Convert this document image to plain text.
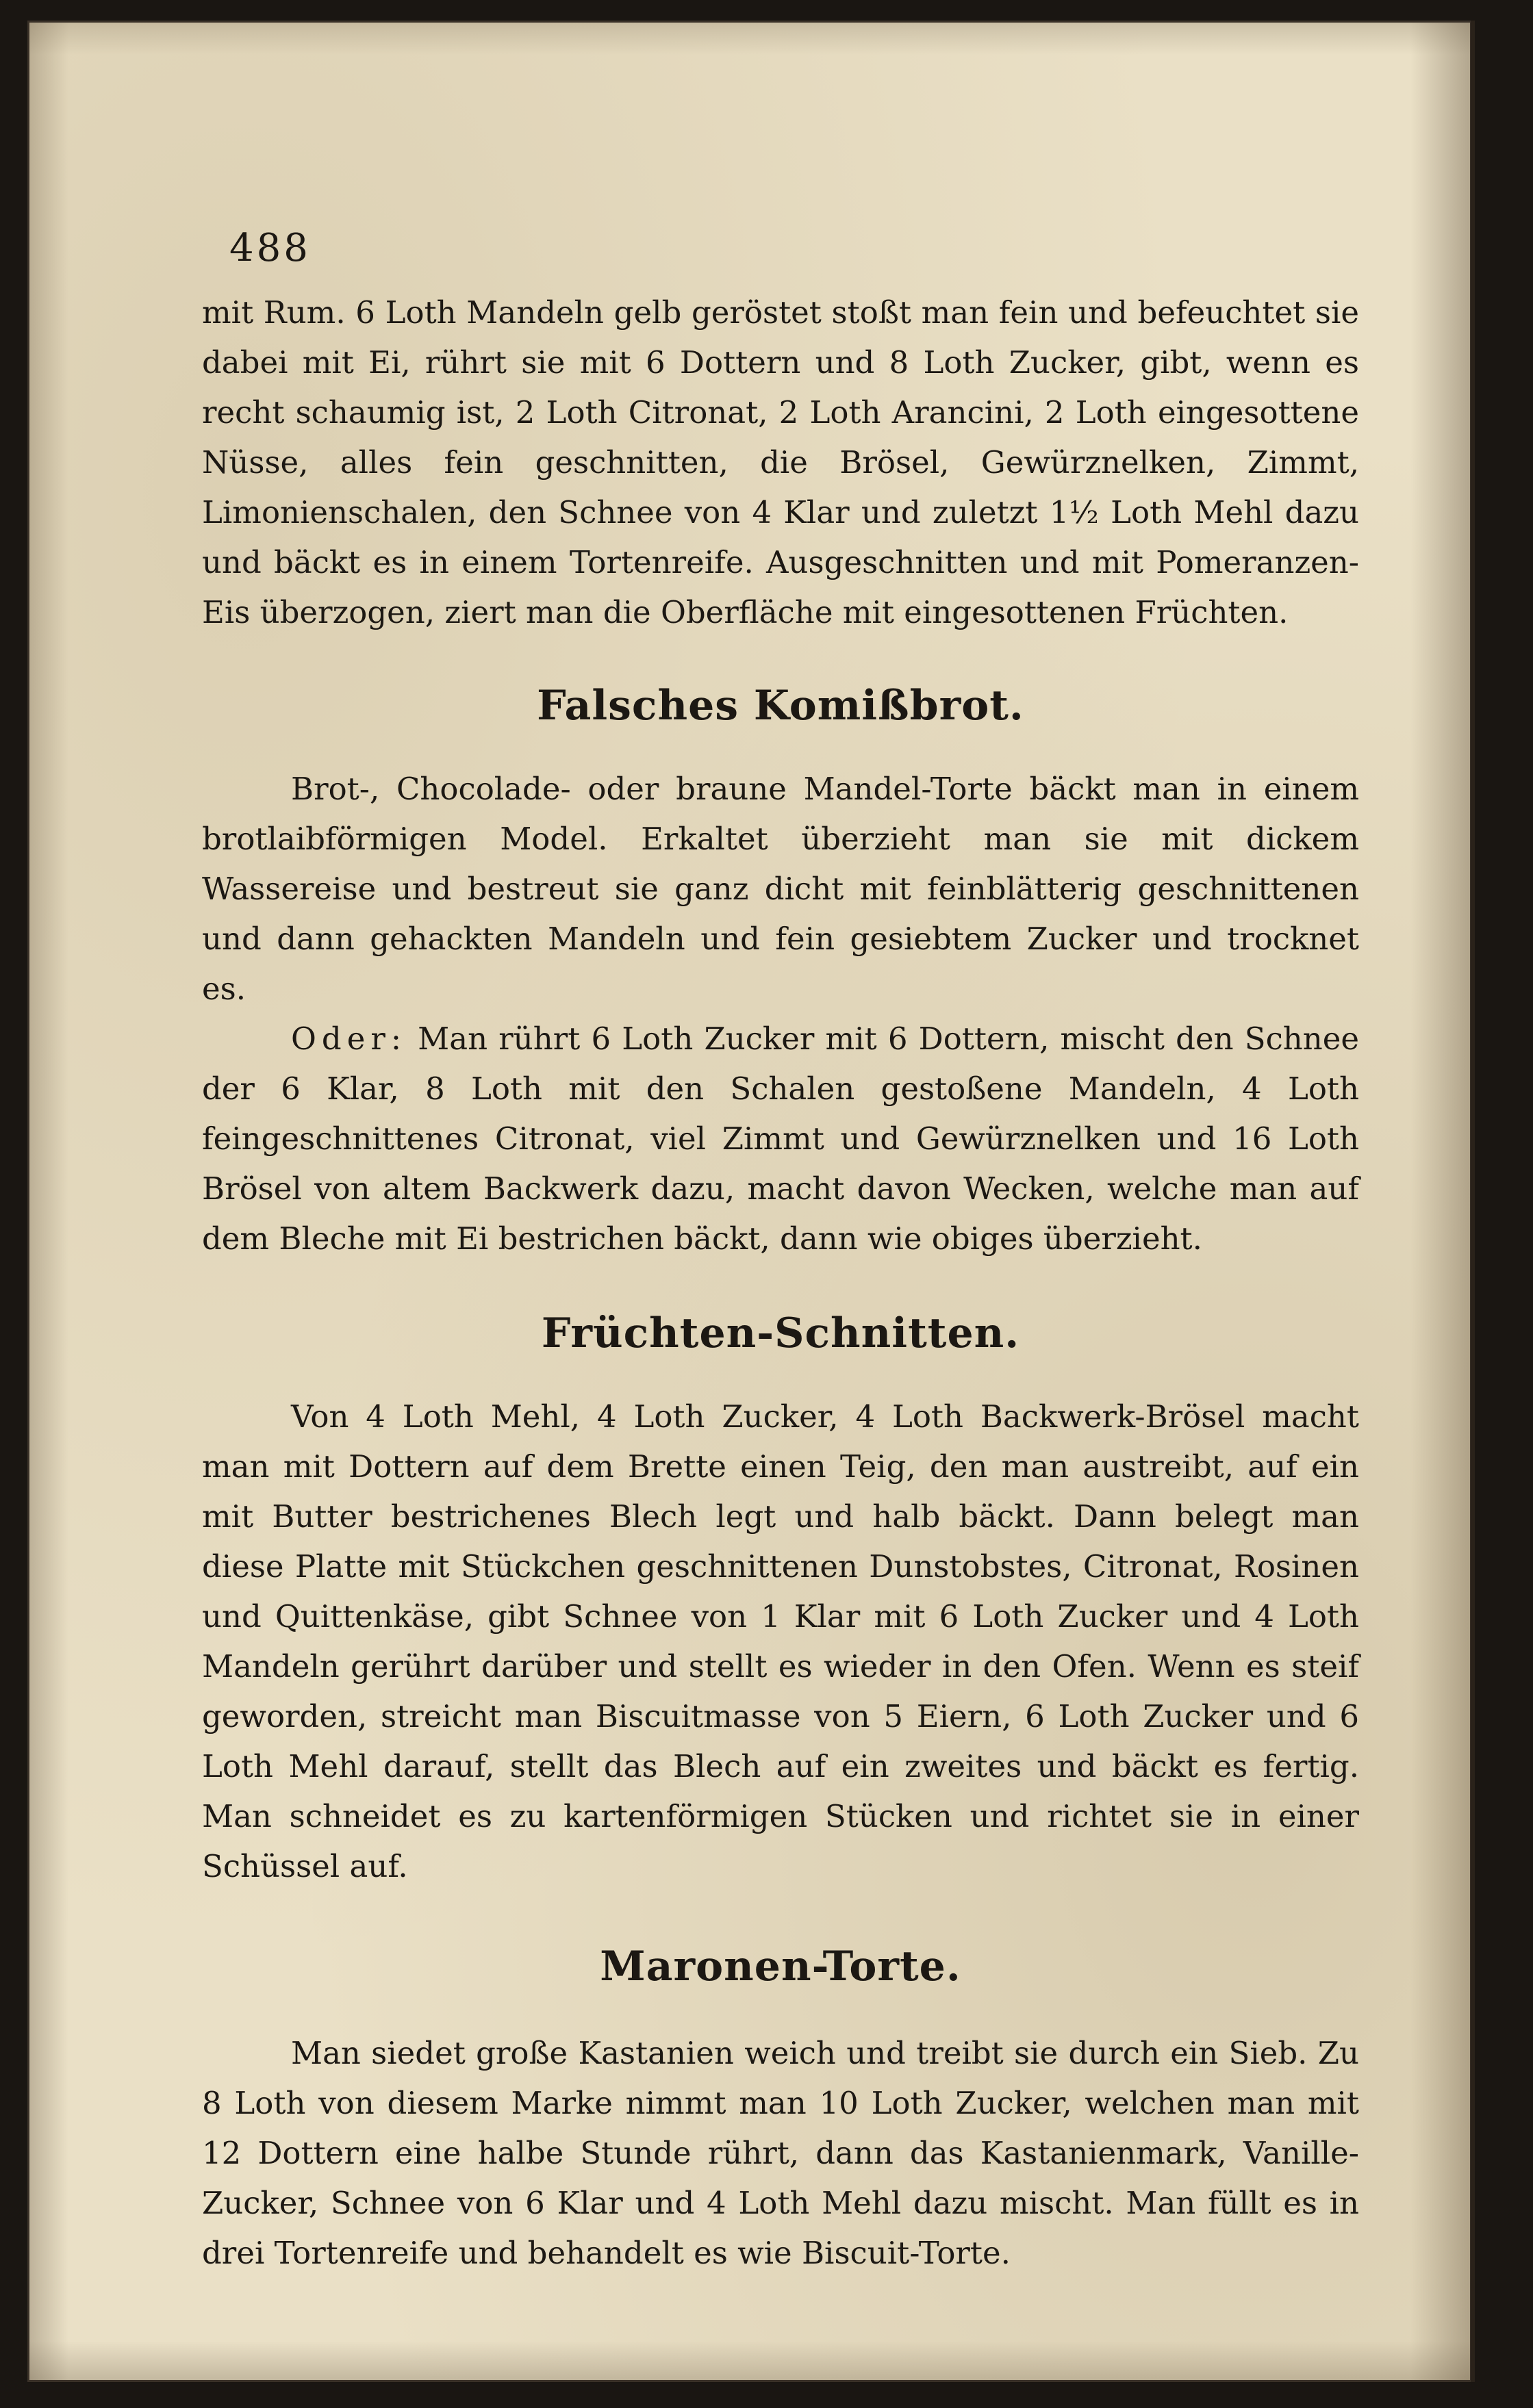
488

mit Rum. 6 Loth Mandeln gelb geröstet stoßt man fein und befeuchtet sie dabei mit Ei, rührt sie mit 6 Dottern und 8 Loth Zucker, gibt, wenn es recht schaumig ist, 2 Loth Citronat, 2 Loth Arancini, 2 Loth eingesottene Nüsse, alles fein geschnitten, die Brösel, Gewürznelken, Zimmt, Limonienschalen, den Schnee von 4 Klar und zuletzt 1½ Loth Mehl dazu und bäckt es in einem Tortenreife. Ausgeschnitten und mit Pomeranzen-Eis überzogen, ziert man die Oberfläche mit eingesottenen Früchten.

Falsches Komißbrot.

Brot-, Chocolade- oder braune Mandel-Torte bäckt man in einem brotlaibförmigen Model. Erkaltet überzieht man sie mit dickem Wassereise und bestreut sie ganz dicht mit feinblätterig geschnittenen und dann gehackten Mandeln und fein gesiebtem Zucker und trocknet es.

Oder: Man rührt 6 Loth Zucker mit 6 Dottern, mischt den Schnee der 6 Klar, 8 Loth mit den Schalen gestoßene Mandeln, 4 Loth feingeschnittenes Citronat, viel Zimmt und Gewürznelken und 16 Loth Brösel von altem Backwerk dazu, macht davon Wecken, welche man auf dem Bleche mit Ei bestrichen bäckt, dann wie obiges überzieht.

Früchten-Schnitten.

Von 4 Loth Mehl, 4 Loth Zucker, 4 Loth Backwerk-Brösel macht man mit Dottern auf dem Brette einen Teig, den man austreibt, auf ein mit Butter bestrichenes Blech legt und halb bäckt. Dann belegt man diese Platte mit Stückchen geschnittenen Dunstobstes, Citronat, Rosinen und Quittenkäse, gibt Schnee von 1 Klar mit 6 Loth Zucker und 4 Loth Mandeln gerührt darüber und stellt es wieder in den Ofen. Wenn es steif geworden, streicht man Biscuitmasse von 5 Eiern, 6 Loth Zucker und 6 Loth Mehl darauf, stellt das Blech auf ein zweites und bäckt es fertig. Man schneidet es zu kartenförmigen Stücken und richtet sie in einer Schüssel auf.

Maronen-Torte.

Man siedet große Kastanien weich und treibt sie durch ein Sieb. Zu 8 Loth von diesem Marke nimmt man 10 Loth Zucker, welchen man mit 12 Dottern eine halbe Stunde rührt, dann das Kastanienmark, Vanille-Zucker, Schnee von 6 Klar und 4 Loth Mehl dazu mischt. Man füllt es in drei Tortenreife und behandelt es wie Biscuit-Torte.
